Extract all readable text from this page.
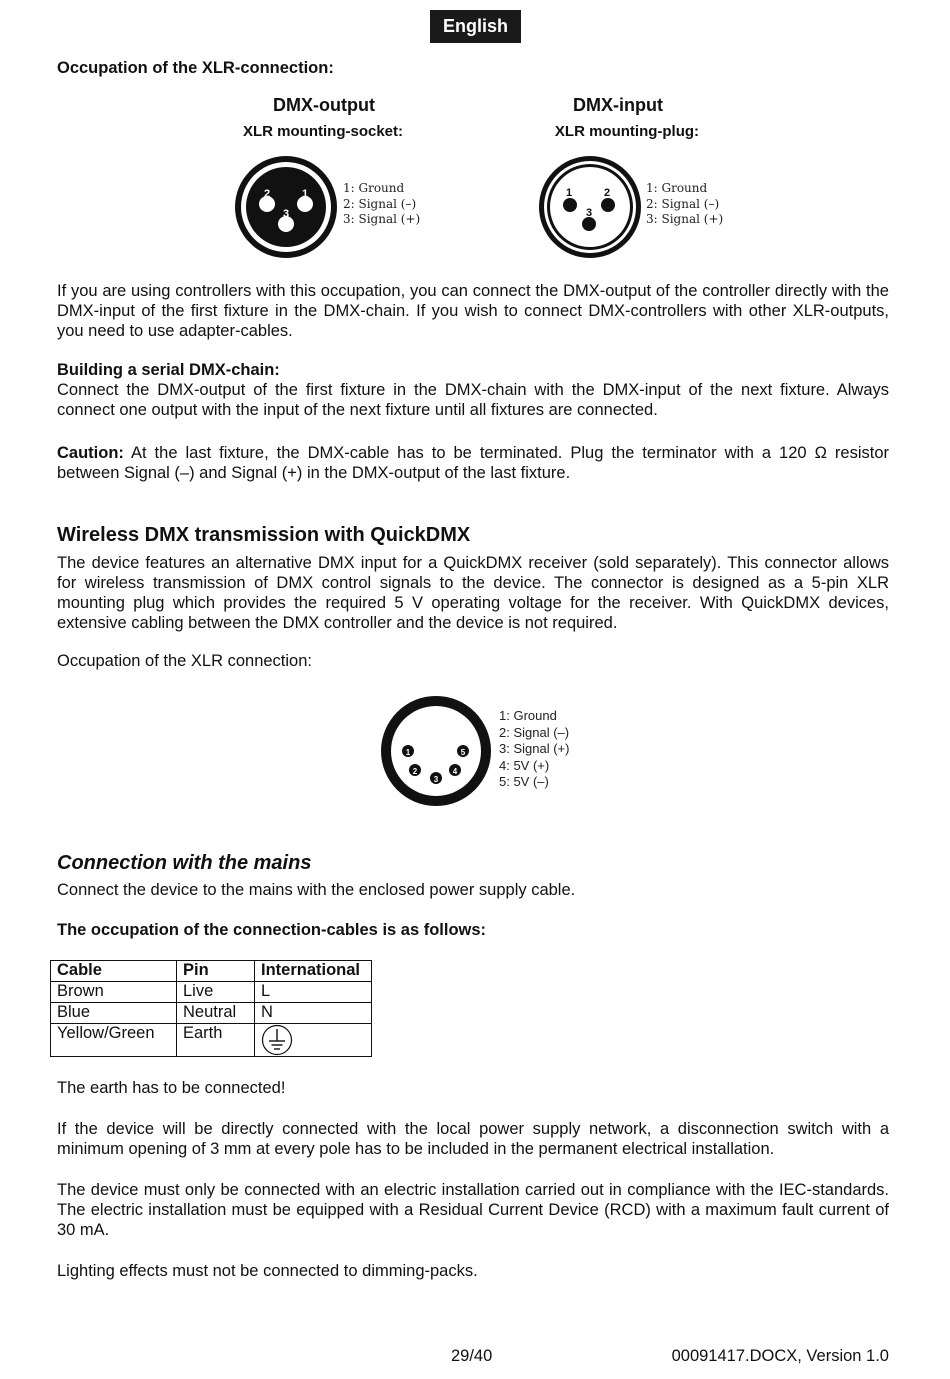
English
Occupation of the XLR-connection:
DMX-output
XLR mounting-socket:
2	1
3
1: Ground
2: Signal (–)
3: Signal (+)
DMX-input
XLR mounting-plug:
1	2
3
1: Ground
2: Signal (–)
3: Signal (+)
If you are using controllers with this occupation, you can connect the DMX-output of the controller directly with the DMX-input of the first fixture in the DMX-chain. If you wish to connect DMX-controllers with other XLR-outputs, you need to use adapter-cables.
Building a serial DMX-chain:
Connect the DMX-output of the first fixture in the DMX-chain with the DMX-input of the next fixture. Always connect one output with the input of the next fixture until all fixtures are connected.
Caution: At the last fixture, the DMX-cable has to be terminated. Plug the terminator with a 120 Ω resistor between Signal (–) and Signal (+) in the DMX-output of the last fixture.
Wireless DMX transmission with QuickDMX
The device features an alternative DMX input for a QuickDMX receiver (sold separately). This connector allows for wireless transmission of DMX control signals to the device. The connector is designed as a 5-pin XLR mounting plug which provides the required 5 V operating voltage for the receiver. With QuickDMX devices, extensive cabling between the DMX controller and the device is not required.
Occupation of the XLR connection:
1	5
2
3
4
1: Ground
2: Signal (–)
3: Signal (+)
4: 5V (+)
5: 5V (–)
Connection with the mains
Connect the device to the mains with the enclosed power supply cable.
The occupation of the connection-cables is as follows:
Cable	Pin	International
Brown	Live	L
Blue	Neutral	N
Yellow/Green	Earth	
The earth has to be connected!
If the device will be directly connected with the local power supply network, a disconnection switch with a minimum opening of 3 mm at every pole has to be included in the permanent electrical installation.
The device must only be connected with an electric installation carried out in compliance with the IEC-standards. The electric installation must be equipped with a Residual Current Device (RCD) with a maximum fault current of 30 mA.
Lighting effects must not be connected to dimming-packs.
29/40	00091417.DOCX, Version 1.0
